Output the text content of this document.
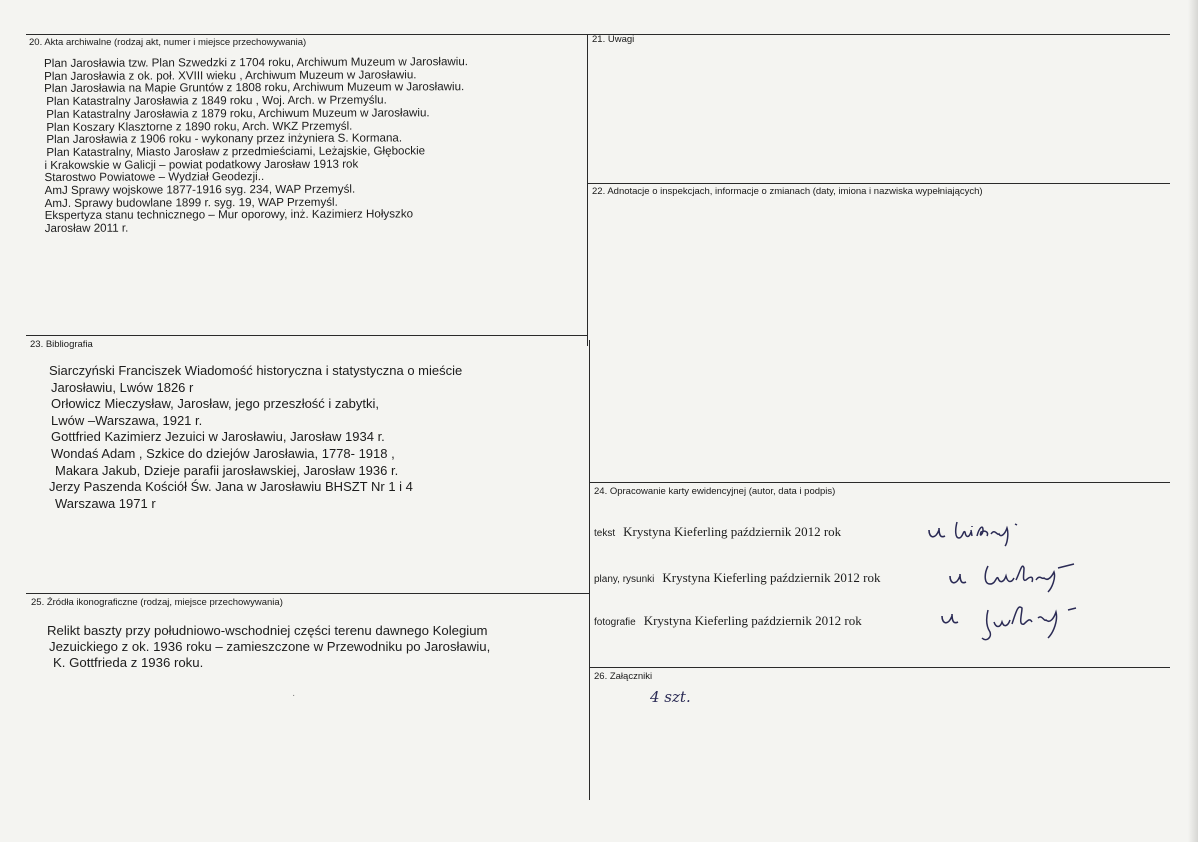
20. Akta archiwalne (rodzaj akt, numer i miejsce przechowywania)
Plan Jarosławia tzw. Plan Szwedzki z 1704 roku, Archiwum Muzeum w Jarosławiu.
Plan Jarosławia z ok. poł. XVIII wieku , Archiwum Muzeum w Jarosławiu.
Plan Jarosławia na Mapie Gruntów z 1808 roku, Archiwum Muzeum w Jarosławiu.
Plan Katastralny Jarosławia z 1849 roku , Woj. Arch. w Przemyślu.
Plan Katastralny Jarosławia z 1879 roku, Archiwum Muzeum w Jarosławiu.
Plan Koszary Klasztorne z 1890 roku, Arch. WKZ Przemyśl.
Plan Jarosławia z 1906 roku - wykonany przez inżyniera S. Kormana.
Plan Katastralny, Miasto Jarosław z przedmieściami, Leżajskie, Głębockie
i Krakowskie w Galicji – powiat podatkowy Jarosław 1913 rok
Starostwo Powiatowe – Wydział Geodezji..
AmJ Sprawy wojskowe 1877-1916 syg. 234, WAP Przemyśl.
AmJ. Sprawy budowlane 1899 r. syg. 19, WAP Przemyśl.
Ekspertyza stanu technicznego – Mur oporowy, inż. Kazimierz Hołyszko
Jarosław 2011 r.
21. Uwagi
22. Adnotacje o inspekcjach, informacje o zmianach (daty, imiona i nazwiska wypełniających)
23. Bibliografia
Siarczyński Franciszek Wiadomość historyczna i statystyczna o mieście
Jarosławiu, Lwów 1826 r
Orłowicz Mieczysław, Jarosław, jego przeszłość i zabytki,
Lwów –Warszawa, 1921 r.
Gottfried Kazimierz Jezuici w Jarosławiu, Jarosław 1934 r.
Wondaś Adam , Szkice do dziejów Jarosławia, 1778- 1918 ,
Makara Jakub, Dzieje parafii jarosławskiej, Jarosław 1936 r.
Jerzy Paszenda Kościół Św. Jana w Jarosławiu BHSZT Nr 1 i 4
Warszawa 1971 r
24. Opracowanie karty ewidencyjnej (autor, data i podpis)
tekst Krystyna Kieferling październik 2012 rok
plany, rysunki Krystyna Kieferling październik 2012 rok
fotografie Krystyna Kieferling październik 2012 rok
25. Źródła ikonograficzne (rodzaj, miejsce przechowywania)
Relikt baszty przy południowo-wschodniej części terenu dawnego Kolegium
Jezuickiego z ok. 1936 roku – zamieszczone w Przewodniku po Jarosławiu,
K. Gottfrieda z 1936 roku.
·
26. Załączniki
4 szt.
